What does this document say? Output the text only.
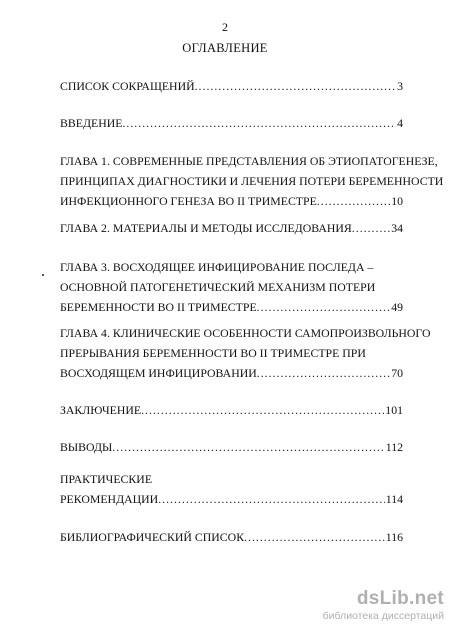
2
ОГЛАВЛЕНИЕ
СПИСОК СОКРАЩЕНИЙ .....	3
ВВЕДЕНИЕ .....	4
ГЛАВА 1. СОВРЕМЕННЫЕ ПРЕДСТАВЛЕНИЯ ОБ ЭТИОПАТОГЕНЕЗЕ,
ПРИНЦИПАХ ДИАГНОСТИКИ И ЛЕЧЕНИЯ ПОТЕРИ БЕРЕМЕННОСТИ
ИНФЕКЦИОННОГО ГЕНЕЗА ВО II ТРИМЕСТРЕ .....	10
ГЛАВА 2. МАТЕРИАЛЫ И МЕТОДЫ ИССЛЕДОВАНИЯ .....	34
ГЛАВА 3. ВОСХОДЯЩЕЕ ИНФИЦИРОВАНИЕ ПОСЛЕДА –
ОСНОВНОЙ ПАТОГЕНЕТИЧЕСКИЙ МЕХАНИЗМ ПОТЕРИ
БЕРЕМЕННОСТИ ВО II ТРИМЕСТРЕ .....	49
ГЛАВА 4. КЛИНИЧЕСКИЕ ОСОБЕННОСТИ САМОПРОИЗВОЛЬНОГО
ПРЕРЫВАНИЯ БЕРЕМЕННОСТИ ВО II ТРИМЕСТРЕ ПРИ
ВОСХОДЯЩЕМ ИНФИЦИРОВАНИИ .....	70
ЗАКЛЮЧЕНИЕ .....	101
ВЫВОДЫ .....	112
ПРАКТИЧЕСКИЕ
РЕКОМЕНДАЦИИ .....	114
БИБЛИОГРАФИЧЕСКИЙ СПИСОК .....	116
dsLib.net
библиотека диссертаций
